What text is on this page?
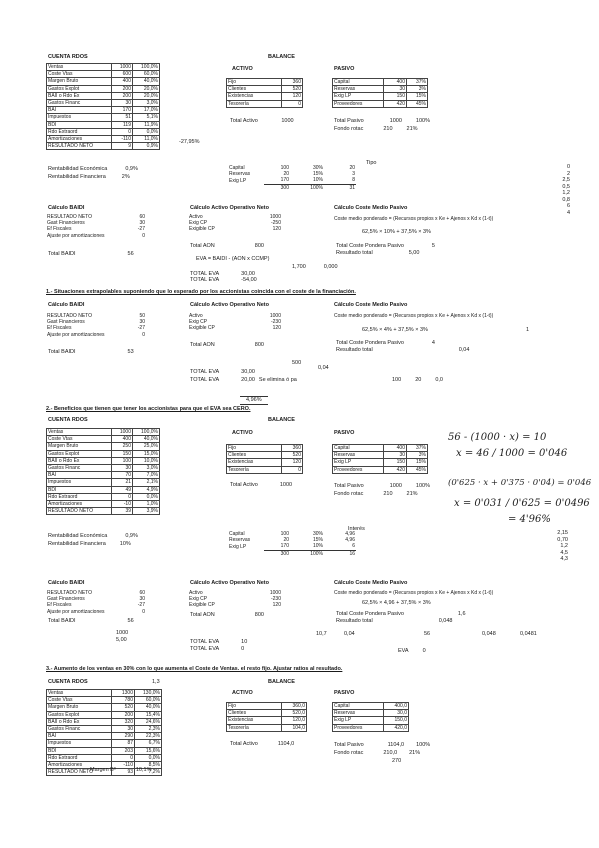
CUENTA RDOS	BALANCE
Ventas	1000	100,0%
Coste Vtas	600	60,0%
Margen Bruto	400	40,0%
Gastos Explot	200	20,0%
BAII o Rdo Ex	200	20,0%
Gastos Financ	30	3,0%
BAI	170	17,0%
Impuestos	51	5,1%
BDI	119	11,9%
Rdo Extraord	0	0,0%
Amortizaciones	-110	11,0%
RESULTADO NETO	9	0,9%
-27,95%
ACTIVO
Fijo	360
Clientes	520
Existencias	120
Tesorería	0
Total Activo	1000
PASIVO
Capital	400	37%
Reservas	30	3%
Exig LP	150	15%
Proveedores	420	45%
Total Pasivo	1000	100%
Fondo rotac	210	21%
Rentabilidad Económica	0,9%
Rentabilidad Financiera	2%
Tipo
Capital	100	30%	20
Reservas	20	15%	3
Exig LP	170	10%	8
	300	100%	31
0
2
2,5
0,5
1,2
0,8
6
4
Cálculo BAIDI
RESULTADO NETO	60
Gast Financieros	30
Ef Fiscales	-27
Ajuste por amortizaciones	0
Total BAIDI	56
Cálculo Activo Operativo Neto
Activo	1000
Exig CP	-250
Exigible CP	120
Total AON	800
EVA = BAIDI - (AON x CCMP)
1,700	0,000
TOTAL EVA	30,00
TOTAL EVA	-54,00
Cálculo Coste Medio Pasivo
Coste medio ponderado = (Recursos propios x Ke + Ajenos x Kd x (1-t))
62,5% × 10% + 37,5% × 3%
Total Coste Pondera Pasivo	5
Resultado total	5,00
1.- Situaciones extrapolables suponiendo que lo esperado por los accionistas coincida con el coste de la financiación.
Cálculo BAIDI
RESULTADO NETO	50
Gast Financieros	30
Ef Fiscales	-27
Ajuste por amortizaciones	0
Total BAIDI	53
Cálculo Activo Operativo Neto
Activo	1000
Exig CP	-230
Exigible CP	120
Total AON	800
Cálculo Coste Medio Pasivo
Coste medio ponderado = (Recursos propios x Ke + Ajenos x Kd x (1-t))
62,5% × 4% + 37,5% × 3%	1
Total Coste Pondera Pasivo	4
Resultado total	0,04
500
0,04
TOTAL EVA	30,00
TOTAL EVA	20,00 Se elimina ó pa	100	20	0,0
4,96%
2.- Beneficios que tienen que tener los accionistas para que el EVA sea CERO.
CUENTA RDOS	BALANCE
Ventas	1000	100,0%
Coste Vtas	400	40,0%
Margen Bruto	250	25,0%
Gastos Explot	150	15,0%
BAII o Rdo Ex	100	10,0%
Gastos Financ	30	3,0%
BAI	70	7,0%
Impuestos	21	2,1%
BDI	49	4,9%
Rdo Extraord	0	0,0%
Amortizaciones	-10	1,0%
RESULTADO NETO	39	3,9%
ACTIVO
Fijo	360
Clientes	520
Existencias	120
Tesorería	0
Total Activo	1000
PASIVO
Capital	400	37%
Reservas	30	3%
Exig LP	150	15%
Proveedores	420	45%
Total Pasivo	1000	100%
Fondo rotac	210	21%
56 - (1000 · x) = 10
x = 46 / 1000 = 0'046
(0'625 · x + 0'375 · 0'04) = 0'046
x = 0'031 / 0'625 = 0'0496
= 4'96%
Rentabilidad Económica	0,9%
Rentabilidad Financiera	10%
Interés
Capital	100	30%	4,96
Reservas	20	15%	4,96
Exig LP	170	10%	6
	300	100%	16
2,15
0,70
1,2
4,5
4,3
Cálculo BAIDI
RESULTADO NETO	60
Gast Financieros	30
Ef Fiscales	-27
Ajuste por amortizaciones	0
Total BAIDI	56
Cálculo Activo Operativo Neto
Activo	1000
Exig CP	-230
Exigible CP	120
Total AON	800
Cálculo Coste Medio Pasivo
Coste medio ponderado = (Recursos propios x Ke + Ajenos x Kd x (1-t))
62,5% × 4,96 + 37,5% × 3%
Total Coste Pondera Pasivo	1,6
Resultado total	0,048
1000
5,00
10,7	0,04	56	0,048	0,0481
TOTAL EVA	10
TOTAL EVA	0	EVA	0
3.- Aumento de los ventas en 30% con lo que aumenta el Coste de Ventas. el resto fijo. Ajustar ratios al resultado.
CUENTA RDOS	1,3	BALANCE
Ventas	1300	130,0%
Coste Vtas	780	60,0%
Margen Bruto	520	40,0%
Gastos Explot	200	15,4%
BAII o Rdo Ex	320	24,6%
Gastos Financ	30	2,3%
BAI	290	22,3%
Impuestos	87	6,7%
BDI	203	15,6%
Rdo Extraord	0	0,0%
Amortizaciones	-110	8,5%
RESULTADO NETO	93	7,2%
Margen Bº	10,1%
ACTIVO
Fijo	360,0
Clientes	520,0
Existencias	120,0
Tesorería	104,0
Total Activo	1104,0
PASIVO
Capital	400,0
Reservas	30,0
Exig LP	150,0
Proveedores	420,0
Total Pasivo	1104,0 100%
Fondo rotac	210,0 21%
270
